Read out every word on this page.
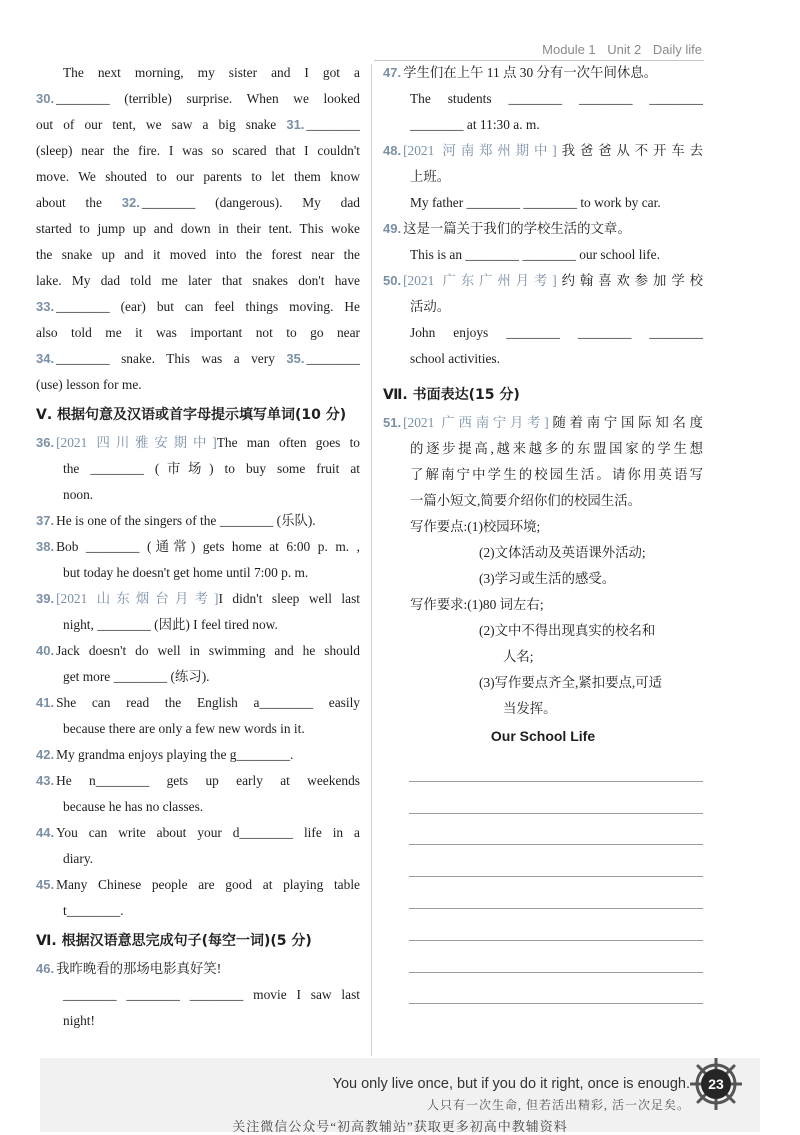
Module 1 Unit 2 Daily life

The next morning, my sister and I got a

30. ________ (terrible) surprise. When we looked

out of our tent, we saw a big snake 31. ________

(sleep) near the fire. I was so scared that I couldn't

move. We shouted to our parents to let them know

about the 32. ________ (dangerous). My dad

started to jump up and down in their tent. This woke

the snake up and it moved into the forest near the

lake. My dad told me later that snakes don't have

33. ________ (ear) but can feel things moving. He

also told me it was important not to go near

34. ________ snake. This was a very 35. ________

(use) lesson for me.

Ⅴ. 根据句意及汉语或首字母提示填写单词(10 分)

36. [2021 四川雅安期中]The man often goes to

the ________ (市场) to buy some fruit at

noon.

37. He is one of the singers of the ________ (乐队).

38. Bob ________ (通常) gets home at 6:00 p. m. ,

but today he doesn't get home until 7:00 p. m.

39. [2021 山东烟台月考]I didn't sleep well last

night, ________ (因此) I feel tired now.

40. Jack doesn't do well in swimming and he should

get more ________ (练习).

41. She can read the English a________ easily

because there are only a few new words in it.

42. My grandma enjoys playing the g________.

43. He n________ gets up early at weekends

because he has no classes.

44. You can write about your d________ life in a

diary.

45. Many Chinese people are good at playing table

t________.

Ⅵ. 根据汉语意思完成句子(每空一词)(5 分)

46. 我昨晚看的那场电影真好笑!

________ ________ ________ movie I saw last

night!

47. 学生们在上午 11 点 30 分有一次午间休息。

The students ________ ________ ________

________ at 11:30 a. m.

48. [2021 河南郑州期中]我爸爸从不开车去

上班。

My father ________ ________ to work by car.

49. 这是一篇关于我们的学校生活的文章。

This is an ________ ________ our school life.

50. [2021 广东广州月考]约翰喜欢参加学校

活动。

John enjoys ________ ________ ________

school activities.

Ⅶ. 书面表达(15 分)

51. [2021 广西南宁月考]随着南宁国际知名度

的逐步提高,越来越多的东盟国家的学生想

了解南宁中学生的校园生活。请你用英语写

一篇小短文,简要介绍你们的校园生活。

写作要点:(1)校园环境;

(2)文体活动及英语课外活动;

(3)学习或生活的感受。

写作要求:(1)80 词左右;

(2)文中不得出现真实的校名和

人名;

(3)写作要点齐全,紧扣要点,可适

当发挥。

Our School Life
You only live once, but if you do it right, once is enough.
人只有一次生命, 但若活出精彩, 活一次足矣。
关注微信公众号“初高教辅站”获取更多初高中教辅资料
23
